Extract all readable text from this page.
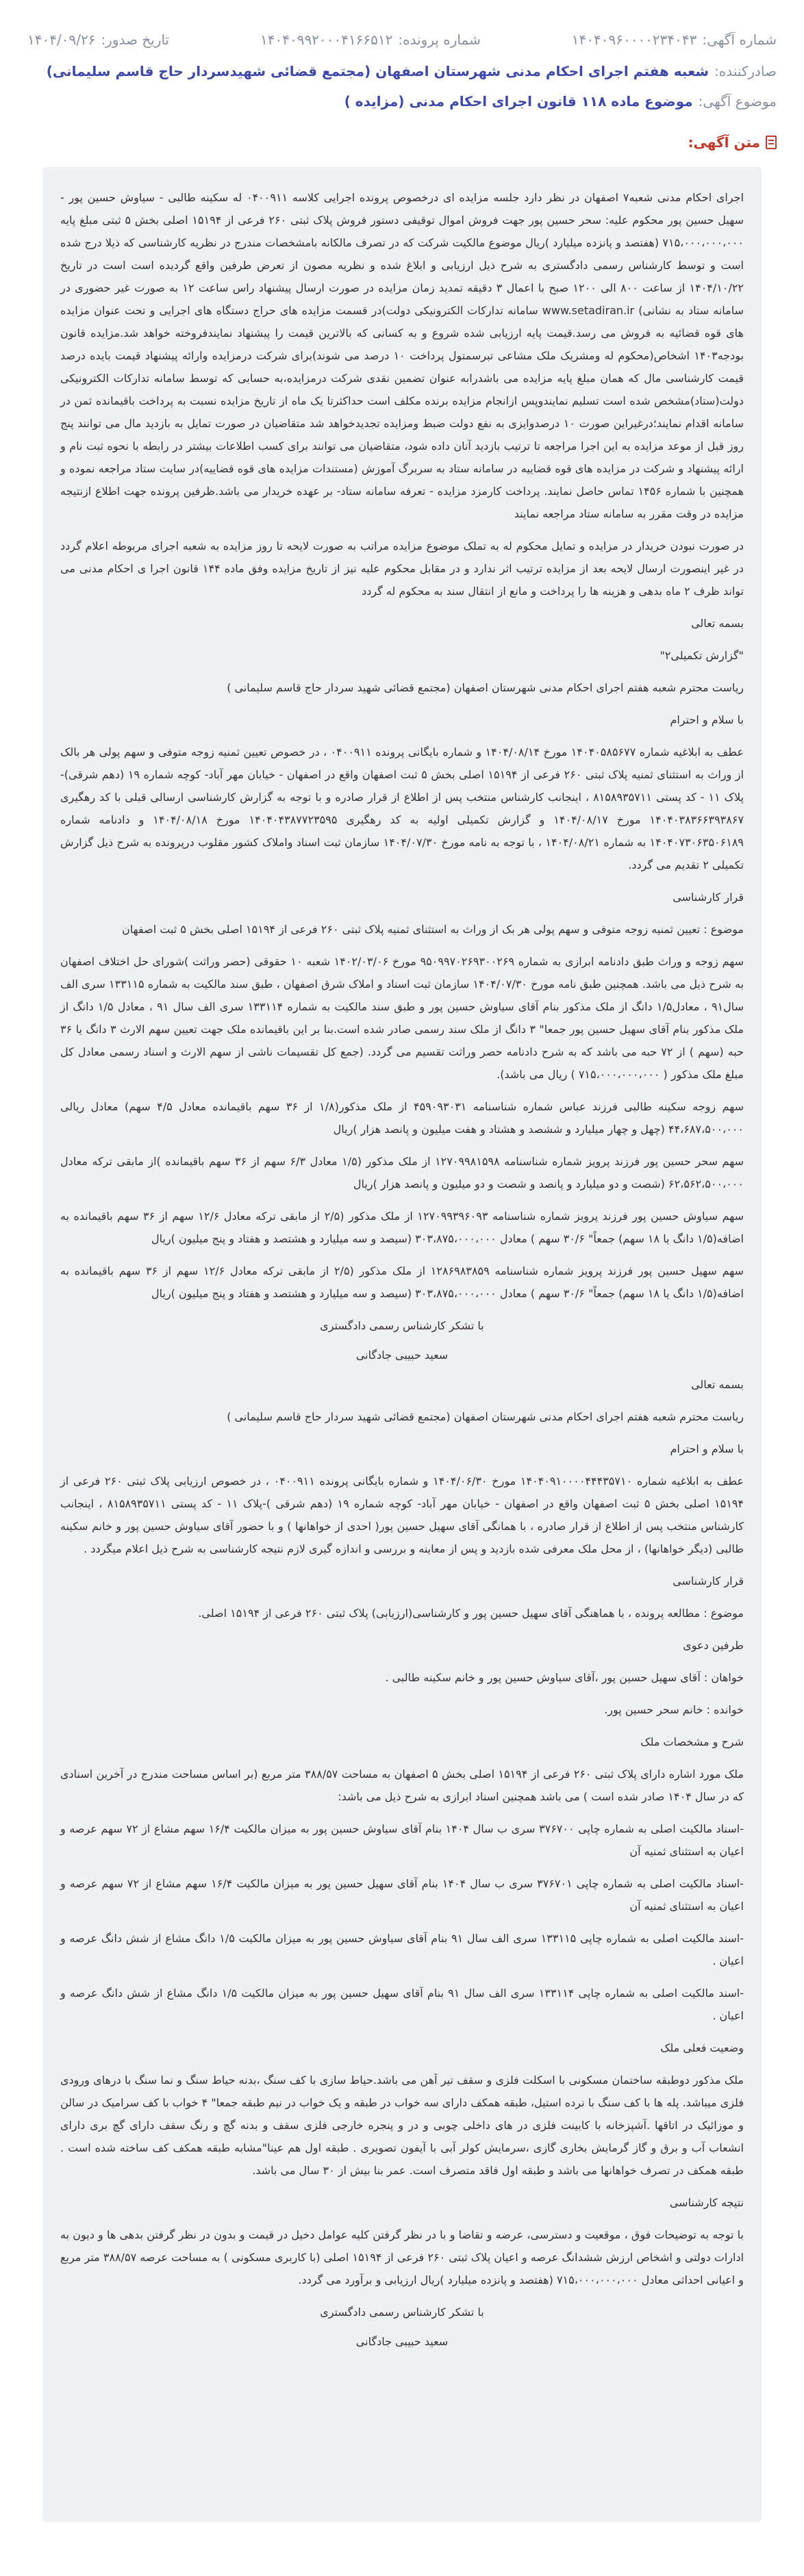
شماره آگهی:
۱۴۰۴۰۹۶۰۰۰۰۲۳۴۰۴۳
شماره پرونده:
۱۴۰۴۰۹۹۲۰۰۰۴۱۶۶۵۱۲
تاریخ صدور:
۱۴۰۴/۰۹/۲۶
صادرکننده:
شعبه هفتم اجرای احکام مدنی شهرستان اصفهان (مجتمع قضائی شهیدسردار حاج قاسم سلیمانی)
موضوع آگهی:
موضوع ماده ۱۱۸ قانون اجرای احکام مدنی (مزایده )
متن آگهی:

اجرای احکام مدنی شعبه۷ اصفهان در نظر دارد جلسه مزایده ای درخصوص پرونده اجرایی کلاسه ۰۴۰۰۹۱۱ له سکینه طالبی - سیاوش حسین پور - سهیل حسین پور محکوم علیه: سحر حسین پور جهت فروش اموال توقیفی دستور فروش پلاک ثبتی ۲۶۰ فرعی از ۱۵۱۹۴ اصلی بخش ۵ ثبتی مبلغ پایه ۷۱۵،۰۰۰،۰۰۰،۰۰۰ (هفتصد و پانزده میلیارد )ریال موضوع مالکیت شرکت که در تصرف مالکانه بامشخصات مندرج در نظریه کارشناسی که ذیلا درج شده است و توسط کارشناس رسمی دادگستری به شرح ذیل ارزیابی و ابلاغ شده و نظریه مصون از تعرض طرفین واقع گردیده است است در تاریخ ۱۴۰۴/۱۰/۲۲ از ساعت ۸۰۰ الی ۱۲۰۰ صبح با اعمال ۳ دقیقه تمدید زمان مزایده در صورت ارسال پیشنهاد راس ساعت ۱۲ به صورت غیر حضوری در سامانه ستاد به نشانی) www.setadiran.ir سامانه تدارکات الکترونیکی دولت)در قسمت مزایده های حراج دستگاه های اجرایی و تحت عنوان مزایده های قوه قضائیه به فروش می رسد.قیمت پایه ارزیابی شده شروع و به کسانی که بالاترین قیمت را پیشنهاد نمایندفروخته خواهد شد.مزایده قانون بودجه۱۴۰۳ اشخاص(محکوم له ومشریک ملک مشاعی تبرسمتول پرداخت ۱۰ درصد می شوند)برای شرکت درمزایده وارائه پیشنهاد قیمت بایده درصد قیمت کارشناسی مال که همان مبلغ پایه مزایده می باشدرابه عنوان تضمین نقدی شرکت درمزایده،به حسابی که توسط سامانه تدارکات الکترونیکی دولت(ستاد)مشخص شده است تسلیم نمایندوپس ازانجام مزایده برنده مکلف است حداکثرتا یک ماه از تاریخ مزایده نسبت به پرداخت باقیمانده ثمن در سامانه اقدام نمایند؛درغیراین صورت ۱۰ درصدوایزی به نفع دولت ضبط ومزایده تجدیدخواهد شد متقاضیان در صورت تمایل به بازدید مال می توانند پنج روز قبل از موعد مزایده به این اجرا مراجعه تا ترتیب بازدید آنان داده شود، متقاضیان می توانند برای کسب اطلاعات بیشتر در رابطه با نحوه ثبت نام و ارائه پیشنهاد و شرکت در مزایده های قوه قضاییه در سامانه ستاد به سربرگ آموزش (مستندات مزایده های قوه قضاییه)در سایت ستاد مراجعه نموده و همچنین با شماره ۱۴۵۶ تماس حاصل نمایند. پرداخت کارمزد مزایده - تعرفه سامانه ستاد- بر عهده خریدار می باشد.ظرفین پرونده جهت اطلاع ازنتیجه مزایده در وقت مقرر به سامانه ستاد مراجعه نمایند

در صورت نبودن خریدار در مزایده و تمایل محکوم له به تملک موضوع مزایده مراتب به صورت لایحه تا روز مزایده به شعبه اجرای مربوطه اعلام گردد در غیر اینصورت ارسال لایحه بعد از مزایده ترتیب اثر ندارد و در مقابل محکوم علیه نیز از تاریخ مزایده وفق ماده ۱۴۴ قانون اجرا ی احکام مدنی می تواند ظرف ۲ ماه بدهی و هزینه ها را پرداخت و مانع از انتقال سند به محکوم له گردد

بسمه تعالی

"گزارش تکمیلی۲"

ریاست محترم شعبه هفتم اجرای احکام مدنی شهرستان اصفهان (مجتمع قضائی شهید سردار حاج قاسم سلیمانی )

با سلام و احترام

عطف به ابلاغیه شماره ۱۴۰۴۰۵۸۵۶۷۷ مورخ ۱۴۰۴/۰۸/۱۴ و شماره بایگانی پرونده ۰۴۰۰۹۱۱ ، در خصوص تعیین ثمنیه زوجه متوفی و سهم پولی هر بالک از وراث به استثنای ثمنیه پلاک ثبتی ۲۶۰ فرعی از ۱۵۱۹۴ اصلی بخش ۵ ثبت اصفهان واقع در اصفهان - خیابان مهر آباد- کوچه شماره ۱۹ (دهم شرقی)-پلاک ۱۱ - کد پستی ۸۱۵۸۹۳۵۷۱۱ ، اینجانب کارشناس منتخب پس از اطلاع از قرار صادره و با توجه به گزارش کارشناسی ارسالی قبلی با کد رهگیری ۱۴۰۴۰۳۸۳۶۶۳۹۳۸۶۷ مورخ ۱۴۰۴/۰۸/۱۷ و گزارش تکمیلی اولیه به کد رهگیری ۱۴۰۴۰۴۳۸۷۷۲۳۵۹۵ مورخ ۱۴۰۴/۰۸/۱۸ و دادنامه شماره ۱۴۰۴۰۷۳۰۶۳۵۰۶۱۸۹ به شماره ۱۴۰۴/۰۸/۲۱ ، با توجه به نامه مورخ ۱۴۰۴/۰۷/۳۰ سازمان ثبت اسناد واملاک کشور مقلوب درپرونده به شرح ذیل گزارش تکمیلی ۲ تقدیم می گردد.

قرار کارشناسی

موضوع : تعیین ثمنیه زوجه متوفی و سهم پولی هر بک از وراث به استثنای ثمنیه پلاک ثبتی ۲۶۰ فرعی از ۱۵۱۹۴ اصلی بخش ۵ ثبت اصفهان

سهم زوجه و وراث طبق دادنامه ابرازی به شماره ۹۵۰۹۹۷۰۲۶۹۳۰۰۲۶۹ مورخ ۱۴۰۲/۰۳/۰۶ شعبه ۱۰ حقوقی (حصر وراثت )شورای حل اختلاف اصفهان به شرح ذیل می باشد. همچنین طبق نامه مورخ ۱۴۰۴/۰۷/۳۰ سازمان ثبت اسناد و املاک شرق اصفهان ، طبق سند مالکیت به شماره ۱۳۳۱۱۵ سری الف سال۹۱ ، معادل۱/۵ دانگ از ملک مذکور بنام آقای سیاوش حسین پور و طبق سند مالکیت به شماره ۱۳۳۱۱۴ سری الف سال ۹۱ ، معادل ۱/۵ دانگ از ملک مذکور بنام آقای سهیل حسین پور جمعا" ۳ دانگ از ملک سند رسمی صادر شده است.بنا بر این باقیمانده ملک جهت تعیین سهم الارث ۳ دانگ یا ۳۶ حبه (سهم ) از ۷۲ حبه می باشد که به شرح دادنامه حصر وراثت تقسیم می گردد. (جمع کل تقسیمات ناشی از سهم الارث و اسناد رسمی معادل کل مبلغ ملک مذکور ( ۷۱۵،۰۰۰،۰۰۰،۰۰۰ ) ریال می باشد).

سهم زوجه سکینه طالبی فرزند عباس شماره شناسنامه ۴۵۹۰۹۳۰۳۱ از ملک مذکور(۱/۸ از ۳۶ سهم باقیمانده معادل ۴/۵ سهم) معادل ریالی ۴۴،۶۸۷،۵۰۰،۰۰۰ (چهل و چهار میلیارد و ششصد و هشتاد و هفت میلیون و پانصد هزار )ریال

سهم سحر حسین پور فرزند پرویز شماره شناسنامه ۱۲۷۰۹۹۸۱۵۹۸ از ملک مذکور (۱/۵ معادل ۶/۳ سهم از ۳۶ سهم باقیمانده )از مابقی ترکه معادل ۶۲،۵۶۲،۵۰۰،۰۰۰ (شصت و دو میلیارد و پانصد و شصت و دو میلیون و پانصد هزار )ریال

سهم سیاوش حسین پور فرزند پرویز شماره شناسنامه ۱۲۷۰۹۹۳۹۶۰۹۳ از ملک مذکور (۲/۵ از مابقی ترکه معادل ۱۲/۶ سهم از ۳۶ سهم باقیمانده به اضافه(۱/۵ دانگ یا ۱۸ سهم) جمعاً" ۳۰/۶ سهم ) معادل ۳۰۳،۸۷۵،۰۰۰،۰۰۰ (سیصد و سه میلیارد و هشتصد و هفتاد و پنج میلیون )ریال

سهم سهیل حسین پور فرزند پرویز شماره شناسنامه ۱۲۸۶۹۸۳۸۵۹ از ملک مذکور (۲/۵ از مابقی ترکه معادل ۱۲/۶ سهم از ۳۶ سهم باقیمانده به اضافه(۱/۵ دانگ یا ۱۸ سهم) جمعاً" ۳۰/۶ سهم ) معادل ۳۰۳،۸۷۵،۰۰۰،۰۰۰ (سیصد و سه میلیارد و هشتصد و هفتاد و پنج میلیون )ریال

با تشکر کارشناس رسمی دادگستری

سعید حبیبی جادگانی

بسمه تعالی

ریاست محترم شعبه هفتم اجرای احکام مدنی شهرستان اصفهان (مجتمع قضائی شهید سردار حاج قاسم سلیمانی )

با سلام و احترام

عطف به ابلاغیه شماره ۱۴۰۴۰۹۱۰۰۰۰۴۴۴۳۵۷۱۰ مورخ ۱۴۰۴/۰۶/۳۰ و شماره بایگانی پرونده ۰۴۰۰۹۱۱ ، در خصوص ارزیابی پلاک ثبتی ۲۶۰ فرعی از ۱۵۱۹۴ اصلی بخش ۵ ثبت اصفهان واقع در اصفهان - خیابان مهر آباد- کوچه شماره ۱۹ (دهم شرقی )-پلاک ۱۱ - کد پستی ۸۱۵۸۹۳۵۷۱۱ ، اینجانب کارشناس منتخب پس از اطلاع از قرار صادره ، با همانگی آقای سهیل حسین پور( احدی از خواهانها ) و با حضور آقای سیاوش حسین پور و خانم سکینه طالبی (دیگر خواهانها) ، از محل ملک معرفی شده بازدید و پس از معاینه و بررسی و اندازه گیری لازم نتیجه کارشناسی به شرح ذیل اعلام میگردد .

قرار کارشناسی

موضوع : مطالعه پرونده ، با هماهنگی آقای سهیل حسین پور و کارشناسی(ارزیابی) پلاک ثبتی ۲۶۰ فرعی از ۱۵۱۹۴ اصلی.

طرفین دعوی

خواهان : آقای سهیل حسین پور ،آقای سیاوش حسین پور و خانم سکینه طالبی .

خوانده : خانم سحر حسین پور.

شرح و مشخصات ملک

ملک مورد اشاره دارای پلاک ثبتی ۲۶۰ فرعی از ۱۵۱۹۴ اصلی بخش ۵ اصفهان به مساحت ۳۸۸/۵۷ متر مربع (بر اساس مساحت مندرج در آخرین اسنادی که در سال ۱۴۰۴ صادر شده است ) می باشد همچنین اسناد ابرازی به شرح ذیل می باشد:

-اسناد مالکیت اصلی به شماره چاپی ۳۷۶۷۰۰ سری ب سال ۱۴۰۴ بنام آقای سیاوش حسین پور به میزان مالکیت ۱۶/۴ سهم مشاع از ۷۲ سهم عرصه و اعیان به استثنای ثمنیه آن

-اسناد مالکیت اصلی به شماره چاپی ۳۷۶۷۰۱ سری ب سال ۱۴۰۴ بنام آقای سهیل حسین پور به میزان مالکیت ۱۶/۴ سهم مشاع از ۷۲ سهم عرصه و اعیان به استثنای ثمنیه آن

-اسند مالکیت اصلی به شماره چاپی ۱۳۳۱۱۵ سری الف سال ۹۱ بنام آقای سیاوش حسین پور به میزان مالکیت ۱/۵ دانگ مشاع از شش دانگ عرصه و اعیان .

-اسند مالکیت اصلی به شماره چاپی ۱۳۳۱۱۴ سری الف سال ۹۱ بنام آقای سهیل حسین پور به میزان مالکیت ۱/۵ دانگ مشاع از شش دانگ عرصه و اعیان .

وضعیت فعلی ملک

ملک مذکور دوطبقه ساختمان مسکونی با اسکلت فلزی و سقف تیر آهن می باشد.حیاط سازی با کف سنگ ،بدنه حیاط سنگ و نما سنگ با درهای ورودی فلزی میباشد. پله ها با کف سنگ با نرده استیل، طبقه همکف دارای سه خواب در طبقه و یک خواب در نیم طبقه جمعا" ۴ خواب با کف سرامیک در سالن و موزائیک در اتاقها .آشپزخانه با کابینت فلزی در های داخلی چوبی و در و پنجره خارجی فلزی سقف و بدنه گچ و رنگ سقف دارای گچ بری دارای انشعاب آب و برق و گاز گرمایش بخاری گازی ،سرمایش کولر آبی با آیفون تصویری . طبقه اول هم عینا"مشابه طبقه همکف کف ساخته شده است . طبقه همکف در تصرف خواهانها می باشد و طبقه اول فاقد متصرف است. عمر بنا بیش از ۳۰ سال می باشد.

نتیجه کارشناسی

با توجه به توضیحات فوق ، موقعیت و دسترسی، عرضه و تقاضا و با در نظر گرفتن کلیه عوامل دخیل در قیمت و بدون در نظر گرفتن بدهی ها و دیون به ادارات دولتی و اشخاص ارزش ششدانگ عرصه و اعیان پلاک ثبتی ۲۶۰ فرعی از ۱۵۱۹۴ اصلی (با کاربری مسکونی ) به مساحت عرصه ۳۸۸/۵۷ متر مربع و اعیانی احداثی معادل ۷۱۵،۰۰۰،۰۰۰،۰۰۰ (هفتصد و پانزده میلیارد )ریال ارزیابی و برآورد می گردد.

با تشکر کارشناس رسمی دادگستری

سعید حبیبی جادگانی
